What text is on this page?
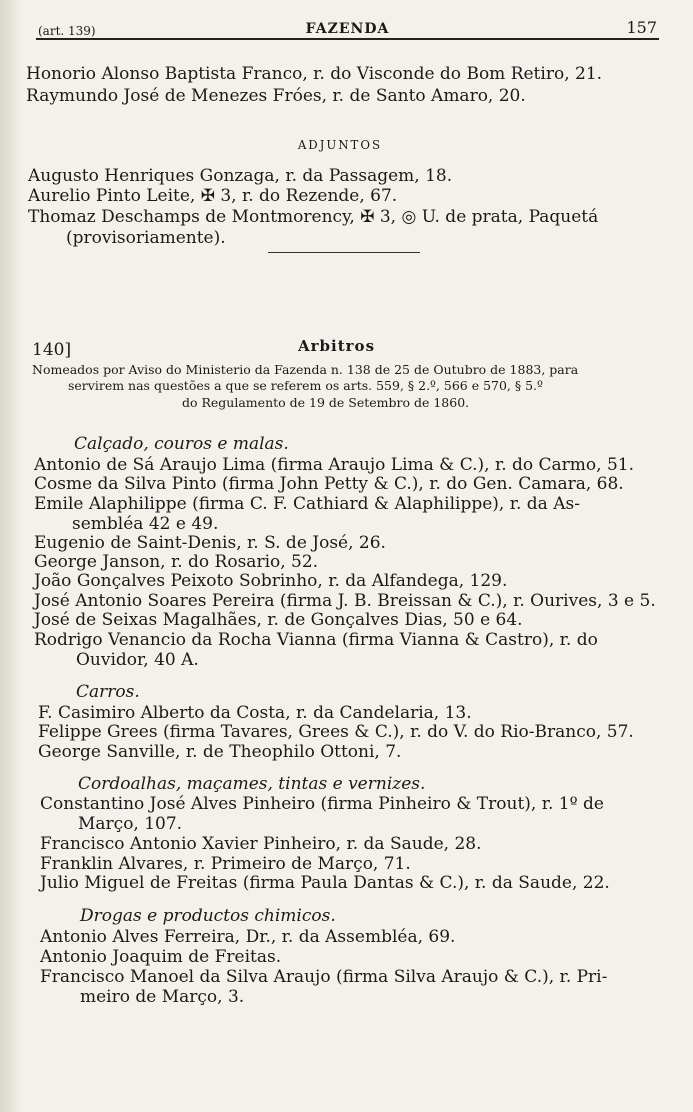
(art. 139)	FAZENDA	157
Honorio Alonso Baptista Franco, r. do Visconde do Bom Retiro, 21.
Raymundo José de Menezes Fróes, r. de Santo Amaro, 20.
ADJUNTOS
Augusto Henriques Gonzaga, r. da Passagem, 18.
Aurelio Pinto Leite, ✠ 3, r. do Rezende, 67.
Thomaz Deschamps de Montmorency, ✠ 3, ◎ U. de prata, Paquetá
(provisoriamente).
140]	Arbitros
Nomeados por Aviso do Ministerio da Fazenda n. 138 de 25 de Outubro de 1883, para
servirem nas questões a que se referem os arts. 559, § 2.º, 566 e 570, § 5.º
do Regulamento de 19 de Setembro de 1860.
Calçado, couros e malas.
Antonio de Sá Araujo Lima (firma Araujo Lima & C.), r. do Carmo, 51.
Cosme da Silva Pinto (firma John Petty & C.), r. do Gen. Camara, 68.
Emile Alaphilippe (firma C. F. Cathiard & Alaphilippe), r. da As-
sembléa 42 e 49.
Eugenio de Saint-Denis, r. S. de José, 26.
George Janson, r. do Rosario, 52.
João Gonçalves Peixoto Sobrinho, r. da Alfandega, 129.
José Antonio Soares Pereira (firma J. B. Breissan & C.), r. Ourives, 3 e 5.
José de Seixas Magalhães, r. de Gonçalves Dias, 50 e 64.
Rodrigo Venancio da Rocha Vianna (firma Vianna & Castro), r. do
Ouvidor, 40 A.
Carros.
F. Casimiro Alberto da Costa, r. da Candelaria, 13.
Felippe Grees (firma Tavares, Grees & C.), r. do V. do Rio-Branco, 57.
George Sanville, r. de Theophilo Ottoni, 7.
Cordoalhas, maçames, tintas e vernizes.
Constantino José Alves Pinheiro (firma Pinheiro & Trout), r. 1º de
Março, 107.
Francisco Antonio Xavier Pinheiro, r. da Saude, 28.
Franklin Alvares, r. Primeiro de Março, 71.
Julio Miguel de Freitas (firma Paula Dantas & C.), r. da Saude, 22.
Drogas e productos chimicos.
Antonio Alves Ferreira, Dr., r. da Assembléa, 69.
Antonio Joaquim de Freitas.
Francisco Manoel da Silva Araujo (firma Silva Araujo & C.), r. Pri-
meiro de Março, 3.
